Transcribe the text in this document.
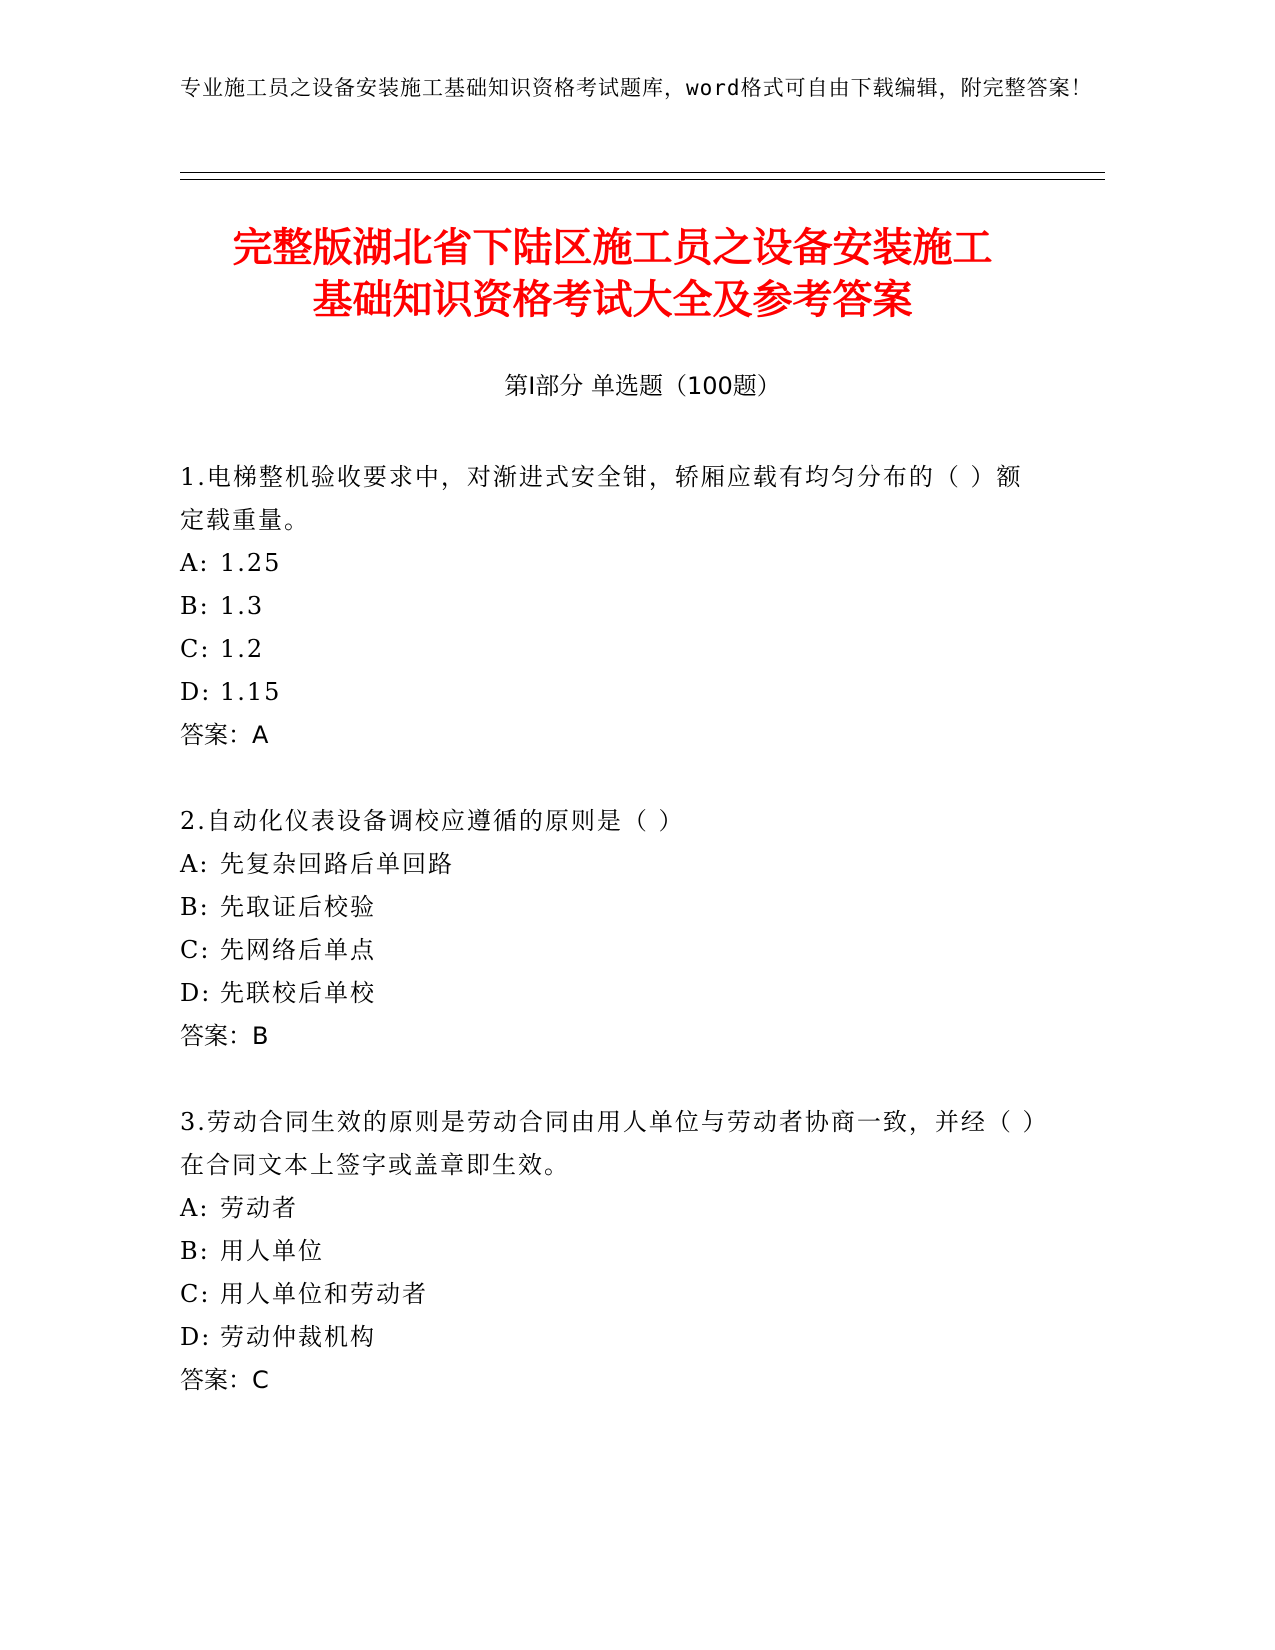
专业施工员之设备安装施工基础知识资格考试题库，word格式可自由下载编辑，附完整答案！
完整版湖北省下陆区施工员之设备安装施工
基础知识资格考试大全及参考答案
第Ⅰ部分 单选题（100题）
1.电梯整机验收要求中，对渐进式安全钳，轿厢应载有均匀分布的（ ）额定载重量。
A: 1.25
B: 1.3
C: 1.2
D: 1.15
答案：A
2.自动化仪表设备调校应遵循的原则是（ ）
A: 先复杂回路后单回路
B: 先取证后校验
C: 先网络后单点
D: 先联校后单校
答案：B
3.劳动合同生效的原则是劳动合同由用人单位与劳动者协商一致，并经（ ）在合同文本上签字或盖章即生效。
A: 劳动者
B: 用人单位
C: 用人单位和劳动者
D: 劳动仲裁机构
答案：C
